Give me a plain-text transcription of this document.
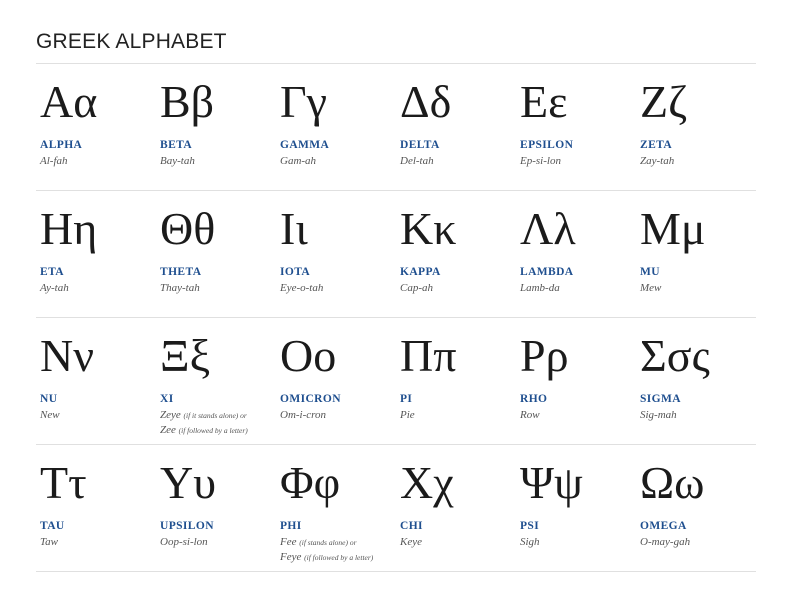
GREEK ALPHABET
Αα
ALPHA
Al-fah
Ββ
BETA
Bay-tah
Γγ
GAMMA
Gam-ah
Δδ
DELTA
Del-tah
Εε
EPSILON
Ep-si-lon
Ζζ
ZETA
Zay-tah
Ηη
ETA
Ay-tah
Θθ
THETA
Thay-tah
Ιι
IOTA
Eye-o-tah
Κκ
KAPPA
Cap-ah
Λλ
LAMBDA
Lamb-da
Μμ
MU
Mew
Νν
NU
New
Ξξ
XI
Zeye (if it stands alone) or
Zee (if followed by a letter)
Οο
OMICRON
Om-i-cron
Ππ
PI
Pie
Ρρ
RHO
Row
Σσς
SIGMA
Sig-mah
Ττ
TAU
Taw
Υυ
UPSILON
Oop-si-lon
Φφ
PHI
Fee (if stands alone) or
Feye (if followed by a letter)
Χχ
CHI
Keye
Ψψ
PSI
Sigh
Ωω
OMEGA
O-may-gah
